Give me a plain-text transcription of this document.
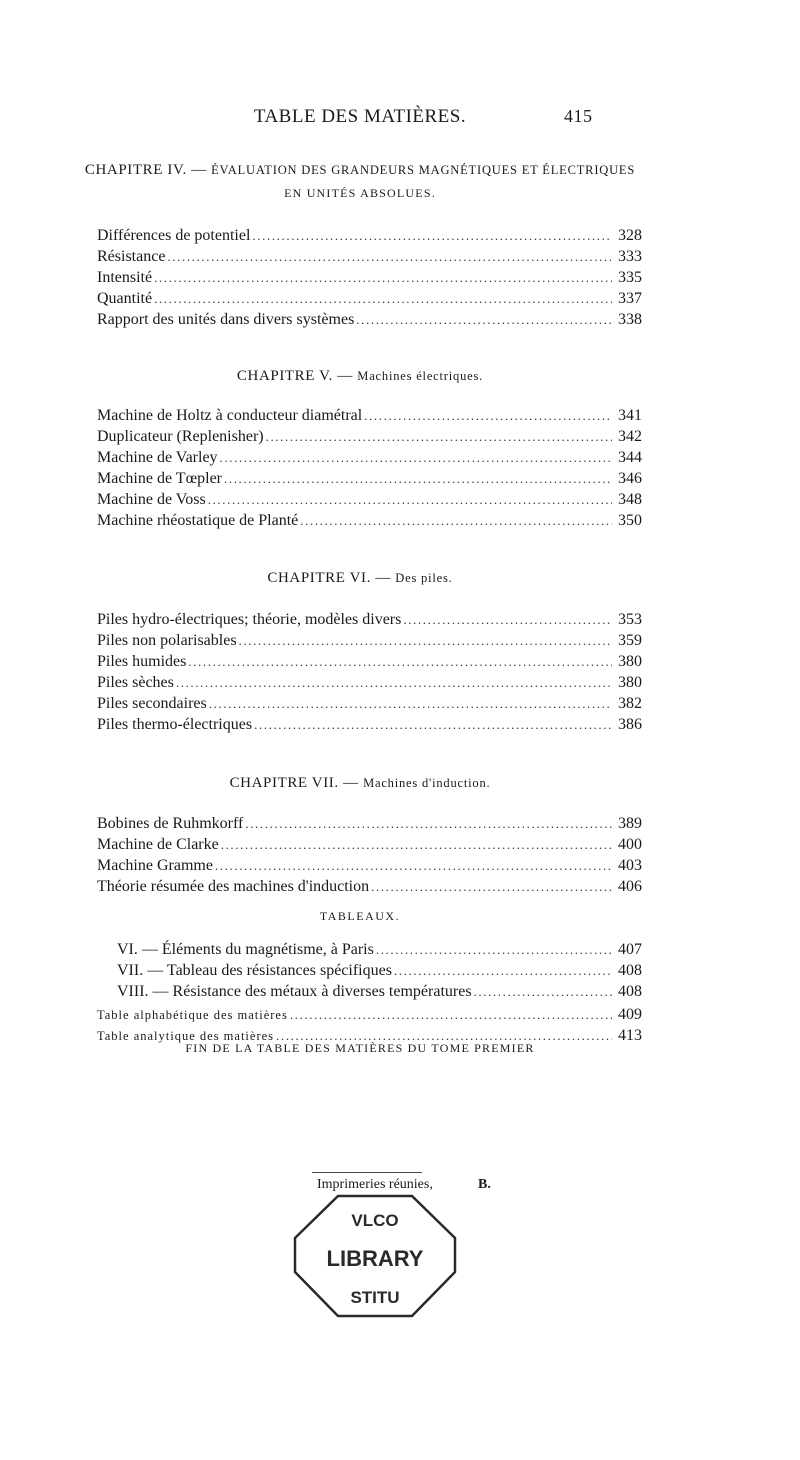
TABLE DES MATIÈRES.	415
CHAPITRE IV. — ÉVALUATION DES GRANDEURS MAGNÉTIQUES ET ÉLECTRIQUES
EN UNITÉS ABSOLUES.
Différences de potentiel .....	328
Résistance .....	333
Intensité .....	335
Quantité .....	337
Rapport des unités dans divers systèmes .....	338
CHAPITRE V. — Machines électriques.
Machine de Holtz à conducteur diamétral .....	341
Duplicateur (Replenisher) .....	342
Machine de Varley .....	344
Machine de Tœpler .....	346
Machine de Voss .....	348
Machine rhéostatique de Planté .....	350
CHAPITRE VI. — Des piles.
Piles hydro-électriques; théorie, modèles divers .....	353
Piles non polarisables .....	359
Piles humides .....	380
Piles sèches .....	380
Piles secondaires .....	382
Piles thermo-électriques .....	386
CHAPITRE VII. — Machines d'induction.
Bobines de Ruhmkorff .....	389
Machine de Clarke .....	400
Machine Gramme .....	403
Théorie résumée des machines d'induction .....	406
TABLEAUX.
VI. — Éléments du magnétisme, à Paris .....	407
VII. — Tableau des résistances spécifiques .....	408
VIII. — Résistance des métaux à diverses températures .....	408
Table alphabétique des matières .....	409
Table analytique des matières .....	413
FIN DE LA TABLE DES MATIÈRES DU TOME PREMIER
Imprimeries réunies,	B.
VLCO
LIBRARY
STITU
